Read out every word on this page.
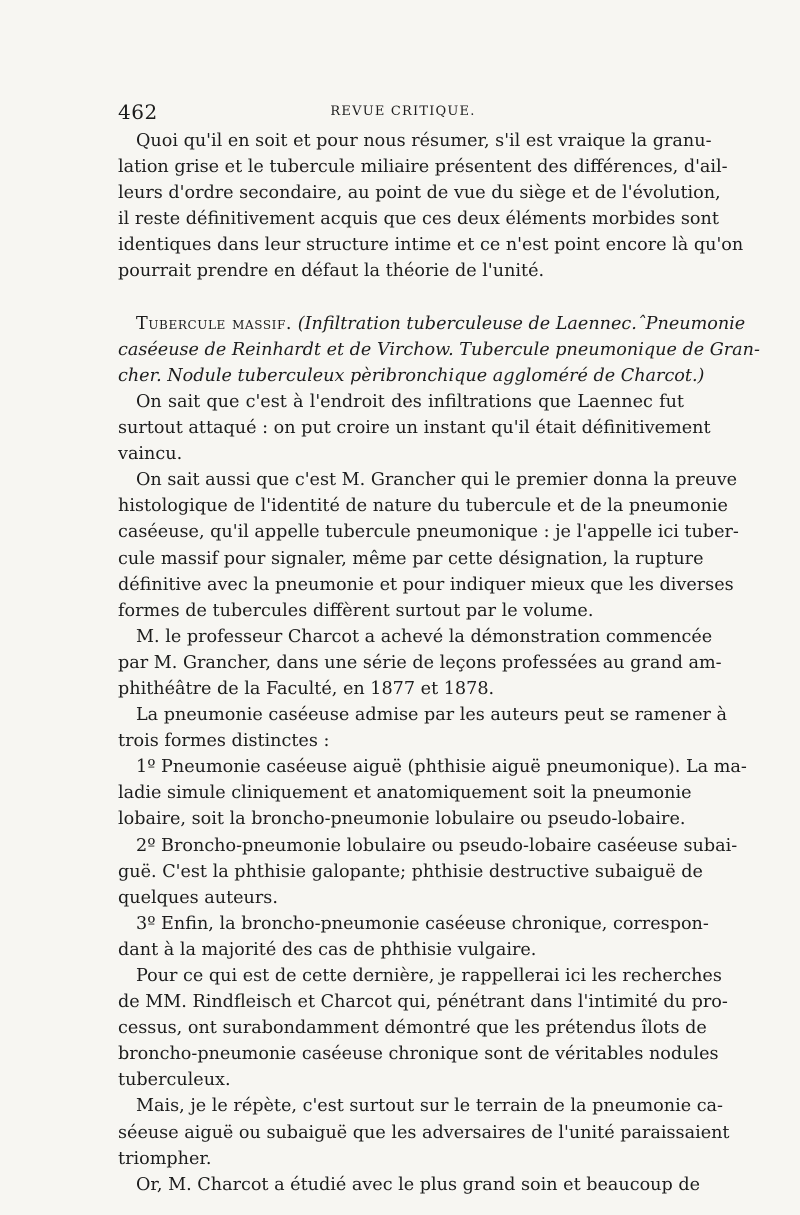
462	REVUE CRITIQUE.
Quoi qu'il en soit et pour nous résumer, s'il est vraique la granu-
lation grise et le tubercule miliaire présentent des différences, d'ail-
leurs d'ordre secondaire, au point de vue du siège et de l'évolution,
il reste définitivement acquis que ces deux éléments morbides sont
identiques dans leur structure intime et ce n'est point encore là qu'on
pourrait prendre en défaut la théorie de l'unité.
Tubercule massif. (Infiltration tuberculeuse de Laennec.ˆPneumonie
caséeuse de Reinhardt et de Virchow. Tubercule pneumonique de Gran-
cher. Nodule tuberculeux pèribronchique aggloméré de Charcot.)
On sait que c'est à l'endroit des infiltrations que Laennec fut
surtout attaqué : on put croire un instant qu'il était définitivement
vaincu.
On sait aussi que c'est M. Grancher qui le premier donna la preuve
histologique de l'identité de nature du tubercule et de la pneumonie
caséeuse, qu'il appelle tubercule pneumonique : je l'appelle ici tuber-
cule massif pour signaler, même par cette désignation, la rupture
définitive avec la pneumonie et pour indiquer mieux que les diverses
formes de tubercules diffèrent surtout par le volume.
M. le professeur Charcot a achevé la démonstration commencée
par M. Grancher, dans une série de leçons professées au grand am-
phithéâtre de la Faculté, en 1877 et 1878.
La pneumonie caséeuse admise par les auteurs peut se ramener à
trois formes distinctes :
1º Pneumonie caséeuse aiguë (phthisie aiguë pneumonique). La ma-
ladie simule cliniquement et anatomiquement soit la pneumonie
lobaire, soit la broncho-pneumonie lobulaire ou pseudo-lobaire.
2º Broncho-pneumonie lobulaire ou pseudo-lobaire caséeuse subai-
guë. C'est la phthisie galopante; phthisie destructive subaiguë de
quelques auteurs.
3º Enfin, la broncho-pneumonie caséeuse chronique, correspon-
dant à la majorité des cas de phthisie vulgaire.
Pour ce qui est de cette dernière, je rappellerai ici les recherches
de MM. Rindfleisch et Charcot qui, pénétrant dans l'intimité du pro-
cessus, ont surabondamment démontré que les prétendus îlots de
broncho-pneumonie caséeuse chronique sont de véritables nodules
tuberculeux.
Mais, je le répète, c'est surtout sur le terrain de la pneumonie ca-
séeuse aiguë ou subaiguë que les adversaires de l'unité paraissaient
triompher.
Or, M. Charcot a étudié avec le plus grand soin et beaucoup de
